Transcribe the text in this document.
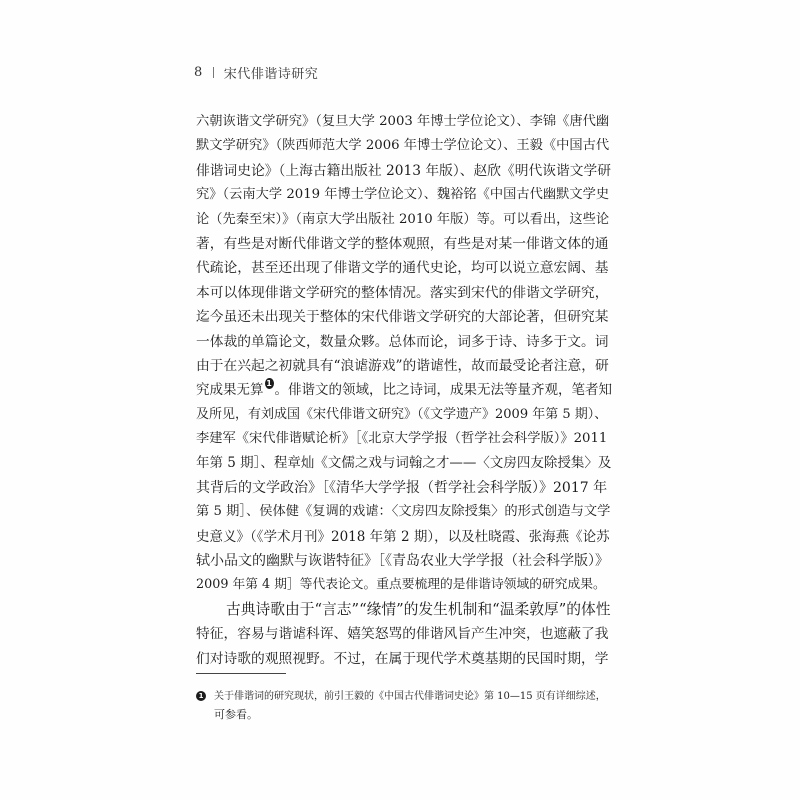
8 宋代俳谐诗研究
六朝诙谐文学研究》（复旦大学 2003 年博士学位论文）、李锦《唐代幽
默文学研究》（陕西师范大学 2006 年博士学位论文）、王毅《中国古代
俳谐词史论》（上海古籍出版社 2013 年版）、赵欣《明代诙谐文学研
究》（云南大学 2019 年博士学位论文）、魏裕铭《中国古代幽默文学史
论（先秦至宋）》（南京大学出版社 2010 年版）等。可以看出，这些论
著，有些是对断代俳谐文学的整体观照，有些是对某一俳谐文体的通
代疏论，甚至还出现了俳谐文学的通代史论，均可以说立意宏阔、基
本可以体现俳谐文学研究的整体情况。落实到宋代的俳谐文学研究，
迄今虽还未出现关于整体的宋代俳谐文学研究的大部论著，但研究某
一体裁的单篇论文，数量众夥。总体而论，词多于诗、诗多于文。词
由于在兴起之初就具有“浪谑游戏”的谐谑性，故而最受论者注意，研
究成果无算 1 。俳谐文的领域，比之诗词，成果无法等量齐观，笔者知
及所见，有刘成国《宋代俳谐文研究》（《文学遗产》2009 年第 5 期）、
李建军《宋代俳谐赋论析》［《北京大学学报（哲学社会科学版）》2011
年第 5 期］、程章灿《文儒之戏与词翰之才——〈文房四友除授集〉及
其背后的文学政治》［《清华大学学报（哲学社会科学版）》2017 年
第 5 期］、侯体健《复调的戏谑：〈文房四友除授集〉的形式创造与文学
史意义》（《学术月刊》2018 年第 2 期），以及杜晓霞、张海燕《论苏
轼小品文的幽默与诙谐特征》［《青岛农业大学学报（社会科学版）》
2009 年第 4 期］等代表论文。重点要梳理的是俳谐诗领域的研究成果。
古典诗歌由于“言志”“缘情”的发生机制和“温柔敦厚”的体性
特征，容易与谐谑科诨、嬉笑怒骂的俳谐风旨产生冲突，也遮蔽了我
们对诗歌的观照视野。不过，在属于现代学术奠基期的民国时期，学
1 关于俳谐词的研究现状，前引王毅的《中国古代俳谐词史论》第 10—15 页有详细综述，
可参看。
